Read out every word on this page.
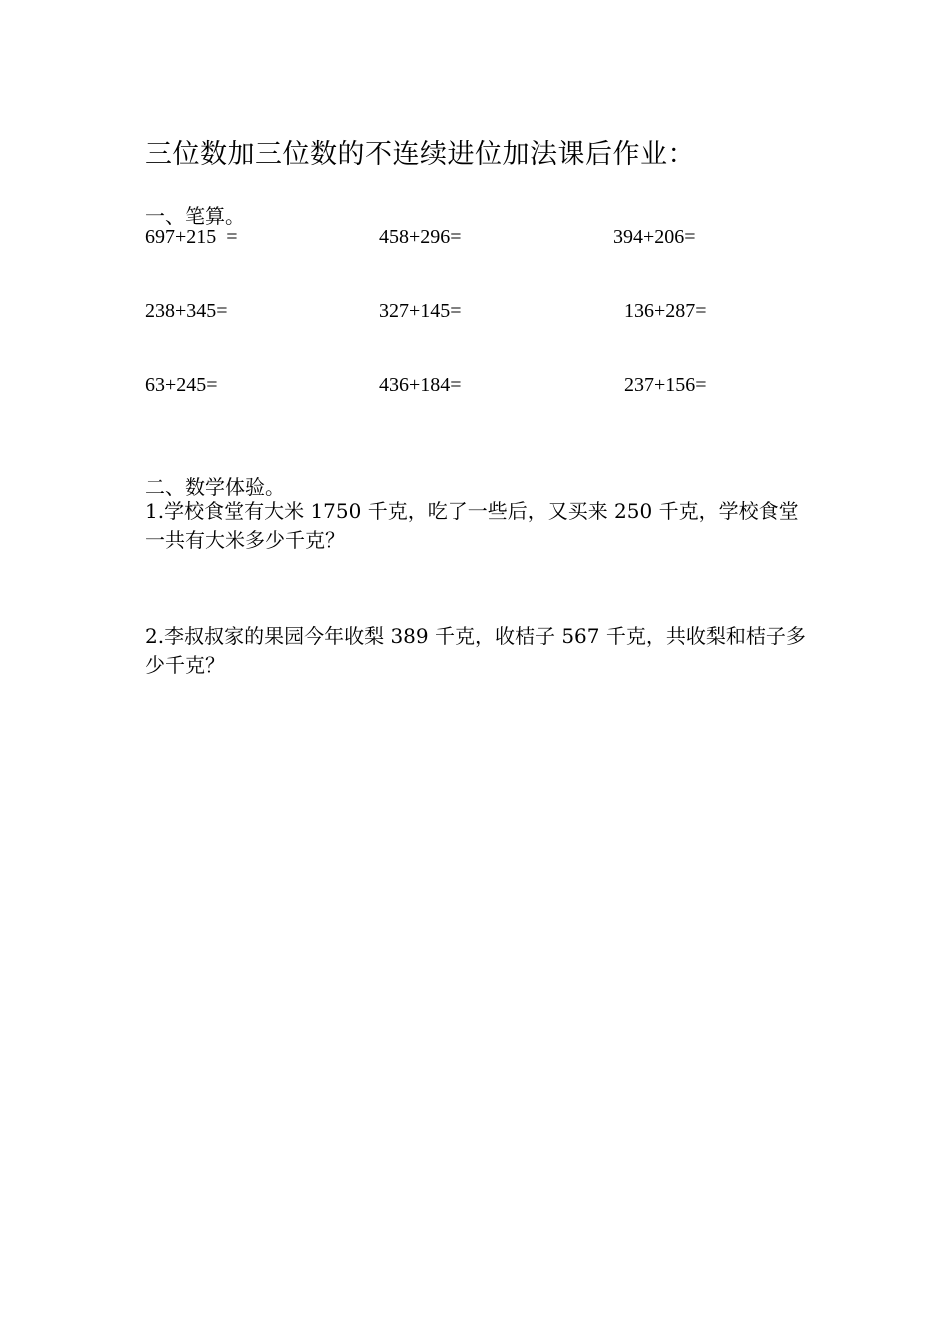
三位数加三位数的不连续进位加法课后作业：
一、笔算。
697+215  =	458+296=	394+206=
238+345=	327+145=	136+287=
63+245=	436+184=	237+156=
二、数学体验。
1.学校食堂有大米 1750 千克，吃了一些后，又买来 250 千克，学校食堂一共有大米多少千克？
2.李叔叔家的果园今年收梨 389 千克，收桔子 567 千克，共收梨和桔子多少千克？
